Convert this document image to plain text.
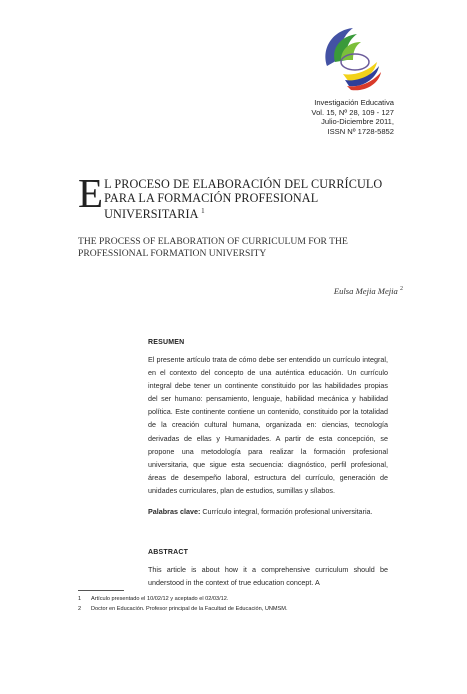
Investigación Educativa
Vol. 15, Nº 28, 109 - 127
Julio-Diciembre 2011,
ISSN Nº 1728-5852
E L PROCESO DE ELABORACIÓN DEL CURRÍCULO PARA LA FORMACIÓN PROFESIONAL UNIVERSITARIA $^1$
THE PROCESS OF ELABORATION OF CURRICULUM FOR THE PROFESSIONAL FORMATION UNIVERSITY
Eulsa Mejia Mejia $^2$
RESUMEN
El presente artículo trata de cómo debe ser entendido un currículo integral, en el contexto del concepto de una auténtica educación. Un currículo integral debe tener un continente constituido por las habilidades propias del ser humano: pensamiento, lenguaje, habilidad mecánica y habilidad política. Este continente contiene un contenido, constituido por la totalidad de la creación cultural humana, organizada en: ciencias, tecnología derivadas de ellas y Humanidades. A partir de esta concepción, se propone una metodología para realizar la formación profesional universitaria, que sigue esta secuencia: diagnóstico, perfil profesional, áreas de desempeño laboral, estructura del currículo, generación de unidades curriculares, plan de estudios, sumillas y sílabos.
Palabras clave: Currículo integral, formación profesional universitaria.
ABSTRACT
This article is about how it a comprehensive curriculum should be understood in the context of true education concept. A
1 Artículo presentado el 10/02/12 y aceptado el 02/03/12.
2 Doctor en Educación. Profesor principal de la Facultad de Educación, UNMSM.
